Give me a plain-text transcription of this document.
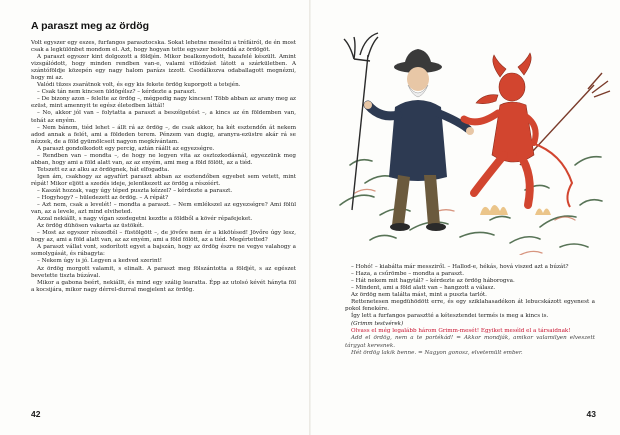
A paraszt meg az ördög

Volt egyszer egy eszes, furfangos parasztocska. Sokat lehetne meséIni a tréfáiról, de én most csak a legkülönbet mondom el. Azt, hogy hogyan tette egyszer bolonddá az ördögöt.

A paraszt egyszer kint dolgozott a földjén. Mikor bealkonyodott, hazafelé készült. Amint vizsgálódott, hogy minden rendben van-e, valami villódzást látott a szárkületben. A szántóföldje közepén egy nagy halom parázs izzott. Csodálkozva odaballagott megnézni, hogy mi az.

Valódi tüzes zsarátnok volt, és egy kis fekete ördög kuporgott a tetején.

– Csak tán nem kincsen üldögélsz? – kérdezte a paraszt.

– De bizony azon – felelte az ördög –, mégpedig nagy kincsen! Több abban az arany meg az ezüst, mint amennyit te egész életedben láttál!

– No, akkor jól van – folytatta a paraszt a beszélgetést –, a kincs az én földemben van, tehát az enyém.

– Nem bánom, tiéd lehet – állt rá az ördög –, de csak akkor, ha két esztendőn át nekem adod annak a felét, ami a földeden terem. Pénzem van dugig, aranyra-ezüstre akár rá se nézzek, de a föld gyümölcseit nagyon megkívántam.

A paraszt gondolkodott egy percig, aztán ráállt az egyezségre.

– Rendben van – mondta –, de hogy ne legyen vita az osztozkodásnál, egyezzünk meg abban, hogy ami a föld alatt van, az az enyém, ami meg a föld fölött, az a tiéd.

Tetszett ez az alku az ördögnek, hát elfogadta.

Igen ám, csakhogy az agyafúrt paraszt abban az esztendőben egyebet sem vetett, mint répát! Mikor eljött a szedés ideje, jelentkezett az ördög a részéért.

– Kaszát hozzak, vagy úgy téped puszta kézzel? – kérdezte a paraszt.

– Hogyhogy? – hüledezett az ördög. – A répát?

– Azt nem, csak a levelét! – mondta a paraszt. – Nem emlékszel az egyezségre? Ami fölül van, az a levele, azt mind elviheted.

Azzal nekiállt, s nagy vígan szedegetni kezdte a földből a kövér répafejeket.

Az ördög dühösen vakarta az üstökét.

– Most az egyszer részedtél – füstölgött –, de jövőre nem ér a kikötésed! Jövőre úgy lesz, hogy az, ami a föld alatt van, az az enyém, ami a föld fölött, az a tiéd. Megértetted?

A paraszt vállat vont, sodorított egyet a bajszán, hogy az ördög észre ne vegye valahogy a somolygását, és rábagyta:

– Nekem úgy is jó. Legyen a kedved szerint!

Az ördög morgott valamit, s elinalt. A paraszt meg fölszántotta a földjét, s az egészet bevetette tiszta búzával.

Mikor a gabona beért, nekiállt, és mind egy szálig learatta. Épp az utolsó kévét hányta föl a kocsijára, mikor nagy dérrel-durral megjelent az ördög.

42

– Hohó! – kiabálta már messziről. – Hallod-e, hékás, hová viszed azt a búzát?

– Haza, a csűrömbe – mondta a paraszt.

– Hát nekem mit hagytál? – kérdezte az ördög háborogva.

– Mindent, ami a föld alatt van – hangzott a válasz.

Az ördög nem találta mást, mint a puszta tarlót.

Rettenetesen megdühödött erre, és egy sziklahasadékon át lebucskázott egyenest a pokol fenekére.

Így lett a furfangos parasztté a kétesztendei termés is meg a kincs is.

(Grimm testvérek)

Olvass el még legalább három Grimm-mesét! Egyiket meséld el a társaidnak!

Add el ördög, nem a te portékád! = Akkor mondják, amikor valamilyen elveszett tárgyat keresnek.

Hét ördög lakik benne. = Nagyon gonosz, elvetemült ember.

43
